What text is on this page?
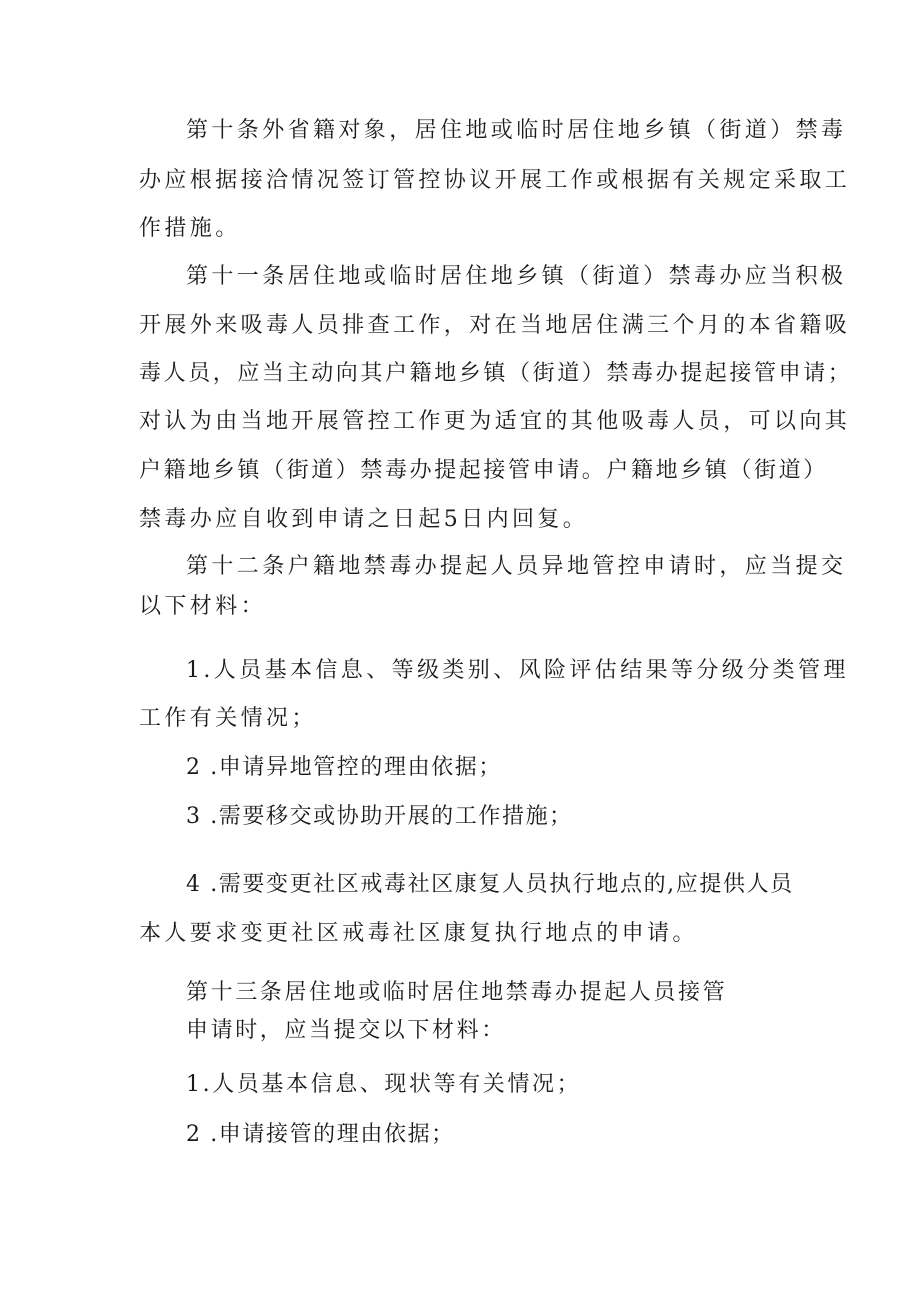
第十条外省籍对象，居住地或临时居住地乡镇（街道）禁毒
办应根据接洽情况签订管控协议开展工作或根据有关规定采取工
作措施。
第十一条居住地或临时居住地乡镇（街道）禁毒办应当积极
开展外来吸毒人员排查工作，对在当地居住满三个月的本省籍吸
毒人员，应当主动向其户籍地乡镇（街道）禁毒办提起接管申请；
对认为由当地开展管控工作更为适宜的其他吸毒人员，可以向其
户籍地乡镇（街道）禁毒办提起接管申请。户籍地乡镇（街道）
禁毒办应自收到申请之日起5日内回复。
第十二条户籍地禁毒办提起人员异地管控申请时，应当提交
以下材料：
1.人员基本信息、等级类别、风险评估结果等分级分类管理
工作有关情况；
2 .申请异地管控的理由依据；
3 .需要移交或协助开展的工作措施；
4 .需要变更社区戒毒社区康复人员执行地点的,应提供人员
本人要求变更社区戒毒社区康复执行地点的申请。
第十三条居住地或临时居住地禁毒办提起人员接管
申请时，应当提交以下材料：
1.人员基本信息、现状等有关情况；
2 .申请接管的理由依据；
